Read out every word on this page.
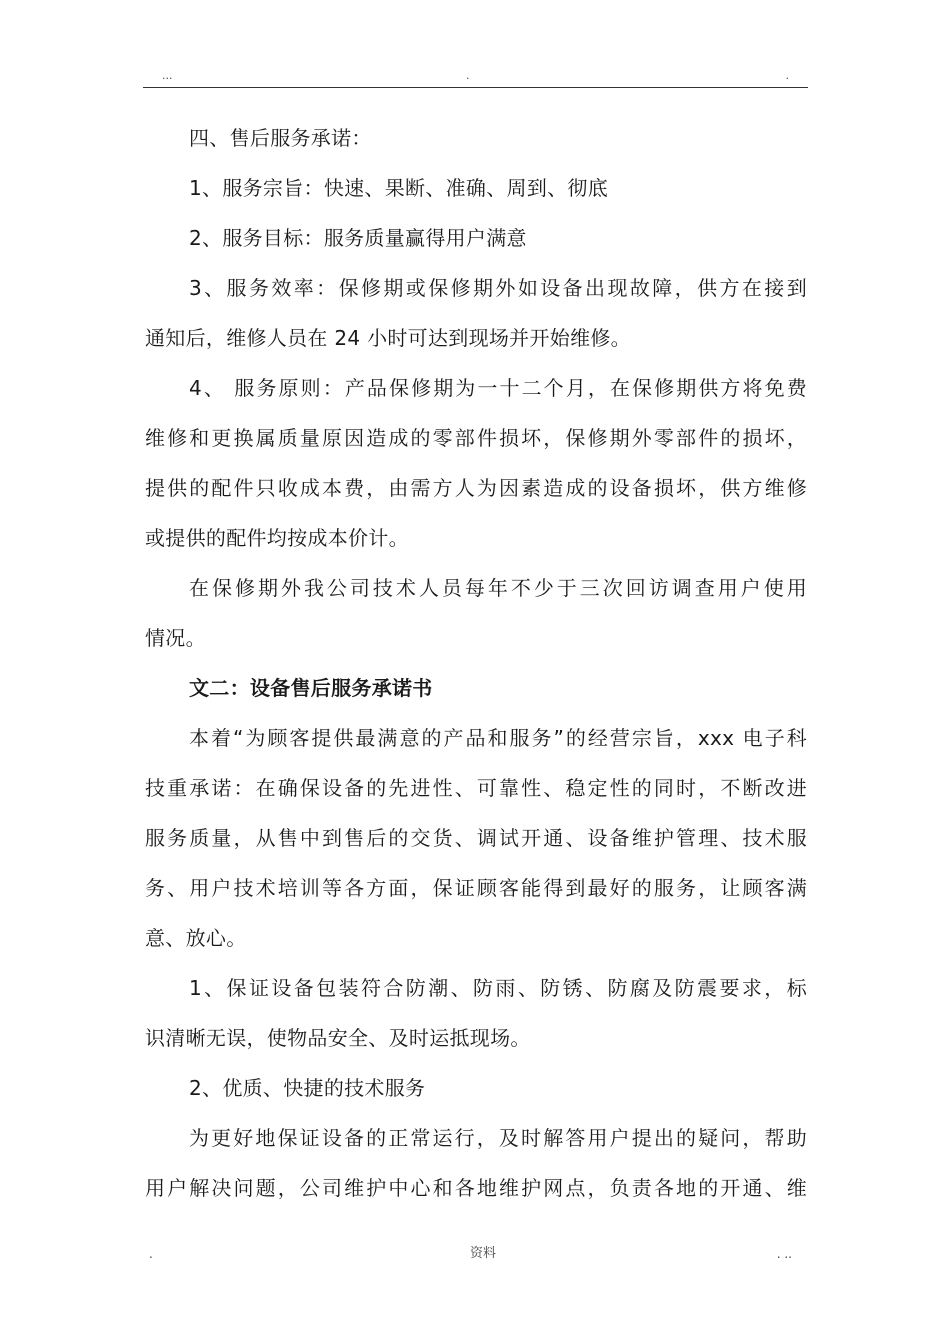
...	.	.
四、售后服务承诺：
1、服务宗旨：快速、果断、准确、周到、彻底
2、服务目标：服务质量赢得用户满意
3、服务效率：保修期或保修期外如设备出现故障，供方在接到
通知后，维修人员在 24 小时可达到现场并开始维修。
4、 服务原则：产品保修期为一十二个月，在保修期供方将免费
维修和更换属质量原因造成的零部件损坏，保修期外零部件的损坏，
提供的配件只收成本费，由需方人为因素造成的设备损坏，供方维修
或提供的配件均按成本价计。
在保修期外我公司技术人员每年不少于三次回访调查用户使用
情况。
文二：设备售后服务承诺书
本着“为顾客提供最满意的产品和服务”的经营宗旨，xxx 电子科
技重承诺：在确保设备的先进性、可靠性、稳定性的同时，不断改进
服务质量，从售中到售后的交货、调试开通、设备维护管理、技术服
务、用户技术培训等各方面，保证顾客能得到最好的服务，让顾客满
意、放心。
1、保证设备包装符合防潮、防雨、防锈、防腐及防震要求，标
识清晰无误，使物品安全、及时运抵现场。
2、优质、快捷的技术服务
为更好地保证设备的正常运行，及时解答用户提出的疑问，帮助
用户解决问题，公司维护中心和各地维护网点，负责各地的开通、维
.	资料	. ..
